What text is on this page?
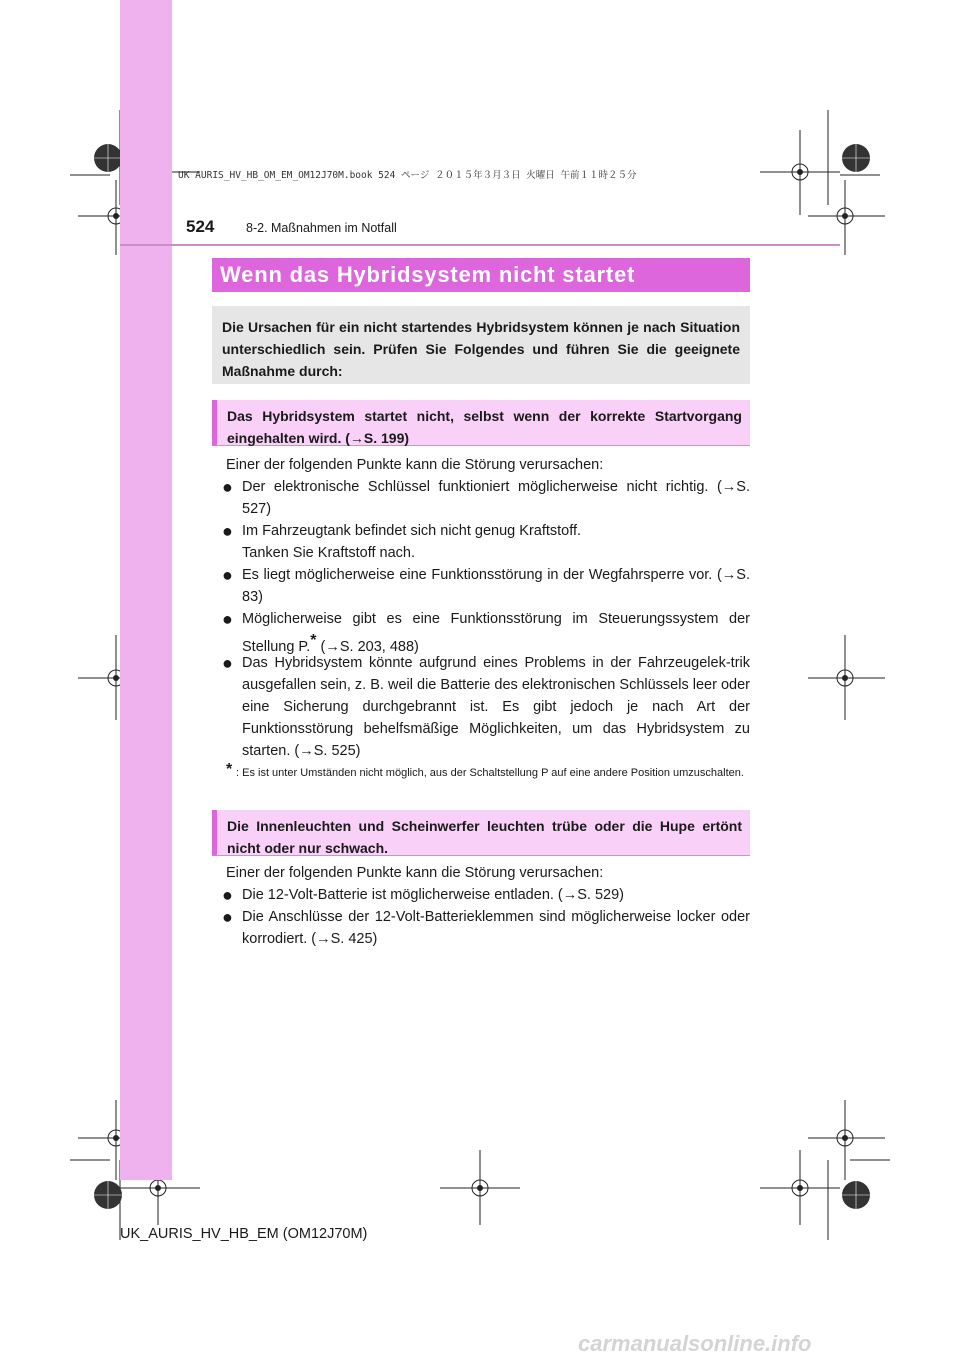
UK AURIS_HV_HB_OM_EM_OM12J70M.book 524 ページ ２０１５年３月３日 火曜日 午前１１時２５分
524	8-2. Maßnahmen im Notfall
Wenn das Hybridsystem nicht startet

Die Ursachen für ein nicht startendes Hybridsystem können je nach Situation unterschiedlich sein. Prüfen Sie Folgendes und führen Sie die geeignete Maßnahme durch:

Das Hybridsystem startet nicht, selbst wenn der korrekte Startvorgang eingehalten wird. (→S. 199)

Einer der folgenden Punkte kann die Störung verursachen:
● Der elektronische Schlüssel funktioniert möglicherweise nicht richtig. (→S. 527)
● Im Fahrzeugtank befindet sich nicht genug Kraftstoff.
Tanken Sie Kraftstoff nach.
● Es liegt möglicherweise eine Funktionsstörung in der Wegfahrsperre vor. (→S. 83)
● Möglicherweise gibt es eine Funktionsstörung im Steuerungssystem der Stellung P.* (→S. 203, 488)
● Das Hybridsystem könnte aufgrund eines Problems in der Fahrzeugelek-trik ausgefallen sein, z. B. weil die Batterie des elektronischen Schlüssels leer oder eine Sicherung durchgebrannt ist. Es gibt jedoch je nach Art der Funktionsstörung behelfsmäßige Möglichkeiten, um das Hybridsystem zu starten. (→S. 525)
* : Es ist unter Umständen nicht möglich, aus der Schaltstellung P auf eine andere Position umzuschalten.

Die Innenleuchten und Scheinwerfer leuchten trübe oder die Hupe ertönt nicht oder nur schwach.

Einer der folgenden Punkte kann die Störung verursachen:
● Die 12-Volt-Batterie ist möglicherweise entladen. (→S. 529)
● Die Anschlüsse der 12-Volt-Batterieklemmen sind möglicherweise locker oder korrodiert. (→S. 425)
UK_AURIS_HV_HB_EM (OM12J70M)
carmanualsonline.info
